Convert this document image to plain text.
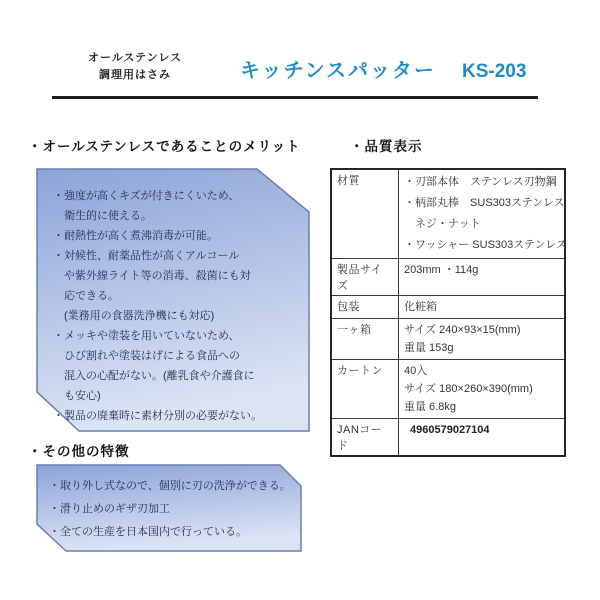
オールステンレス
調理用はさみ	キッチンスパッター KS-203
・オールステンレスであることのメリット
・強度が高くキズが付きにくいため、
　衛生的に使える。
・耐熱性が高く煮沸消毒が可能。
・対候性、耐薬品性が高くアルコール
　や紫外線ライト等の消毒、殺菌にも対
　応できる。
　(業務用の食器洗浄機にも対応)
・メッキや塗装を用いていないため、
　ひび割れや塗装はげによる食品への
　混入の心配がない。(離乳食や介護食に
　も安心)
・製品の廃棄時に素材分別の必要がない。
・その他の特徴
・取り外し式なので、個別に刃の洗浄ができる。
・滑り止めのギザ刃加工
・全ての生産を日本国内で行っている。
・品質表示
材質	・刃部本体　ステンレス刃物鋼
・柄部丸棒　SUS303ステンレス
　ネジ・ナット
・ワッシャー SUS303ステンレス

製品サイズ	203mm ・114g

包装	化粧箱

一ヶ箱	サイズ 240×93×15(mm)
重量 153g

カートン	40入
サイズ 180×260×390(mm)
重量 6.8kg

JANコード	4960579027104
